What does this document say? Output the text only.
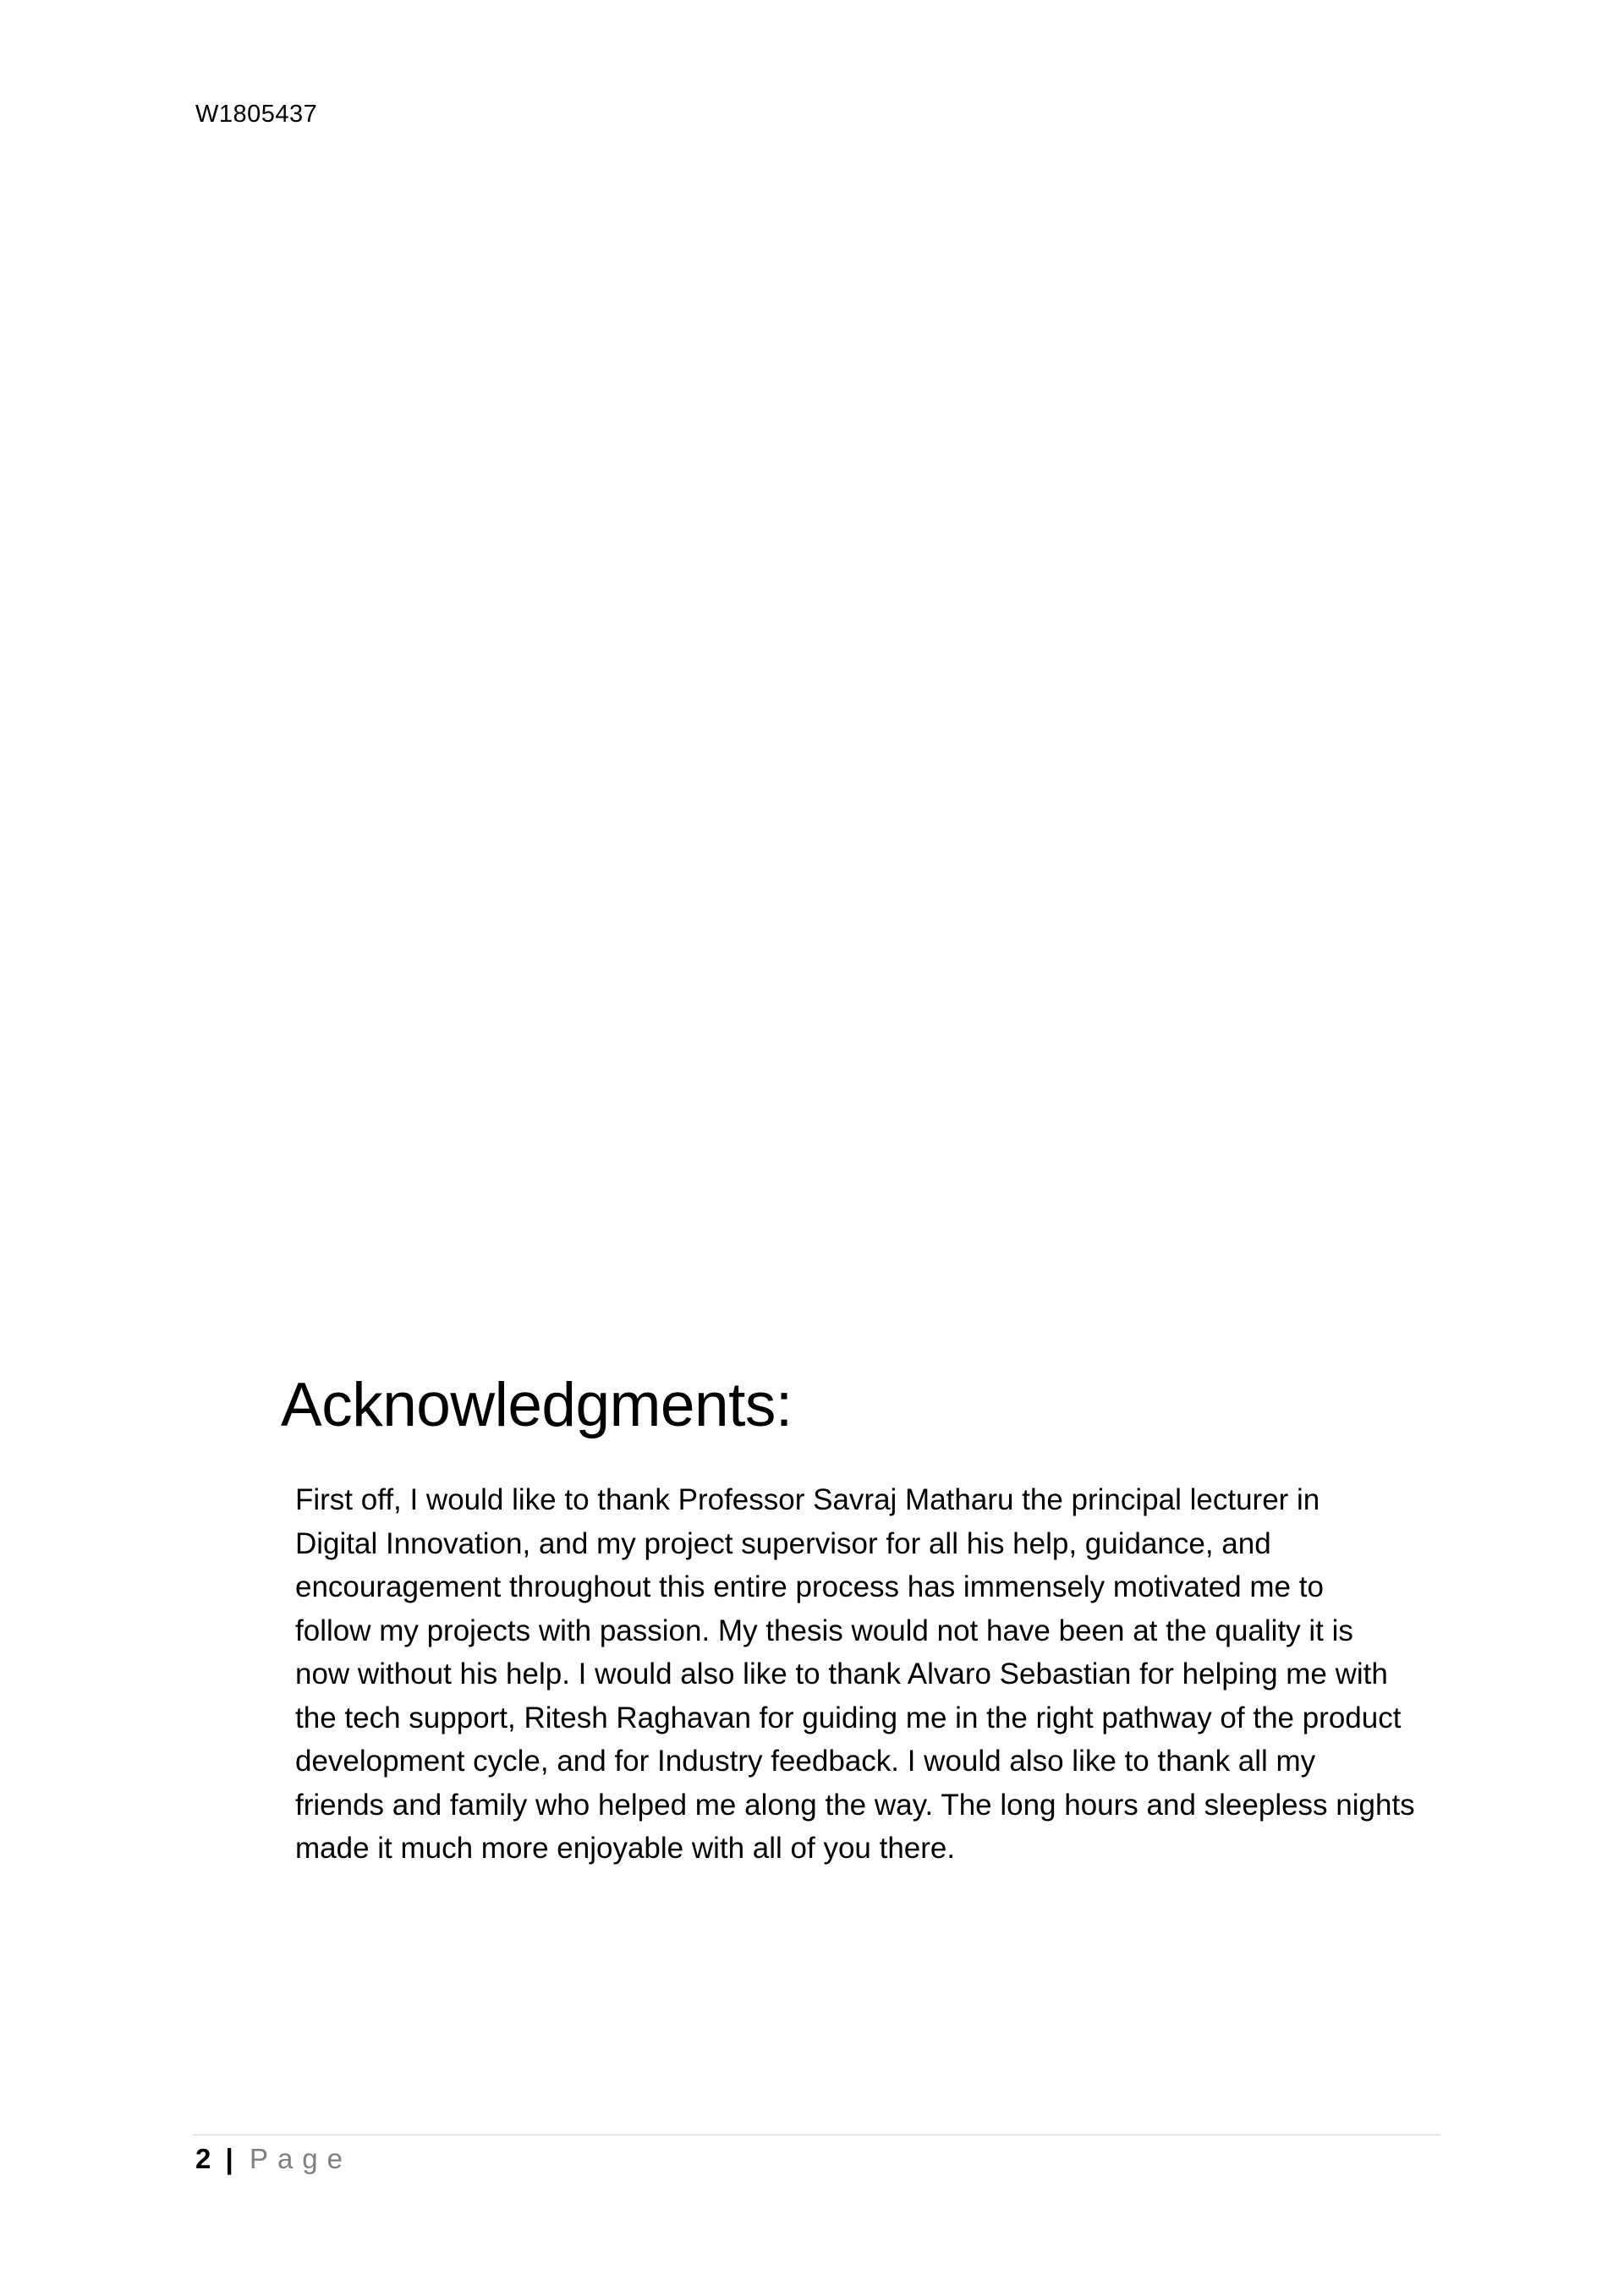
W1805437
Acknowledgments:

First off, I would like to thank Professor Savraj Matharu the principal lecturer in
Digital Innovation, and my project supervisor for all his help, guidance, and
encouragement throughout this entire process has immensely motivated me to
follow my projects with passion. My thesis would not have been at the quality it is
now without his help. I would also like to thank Alvaro Sebastian for helping me with
the tech support, Ritesh Raghavan for guiding me in the right pathway of the product
development cycle, and for Industry feedback. I would also like to thank all my
friends and family who helped me along the way. The long hours and sleepless nights
made it much more enjoyable with all of you there.

2 | Page
